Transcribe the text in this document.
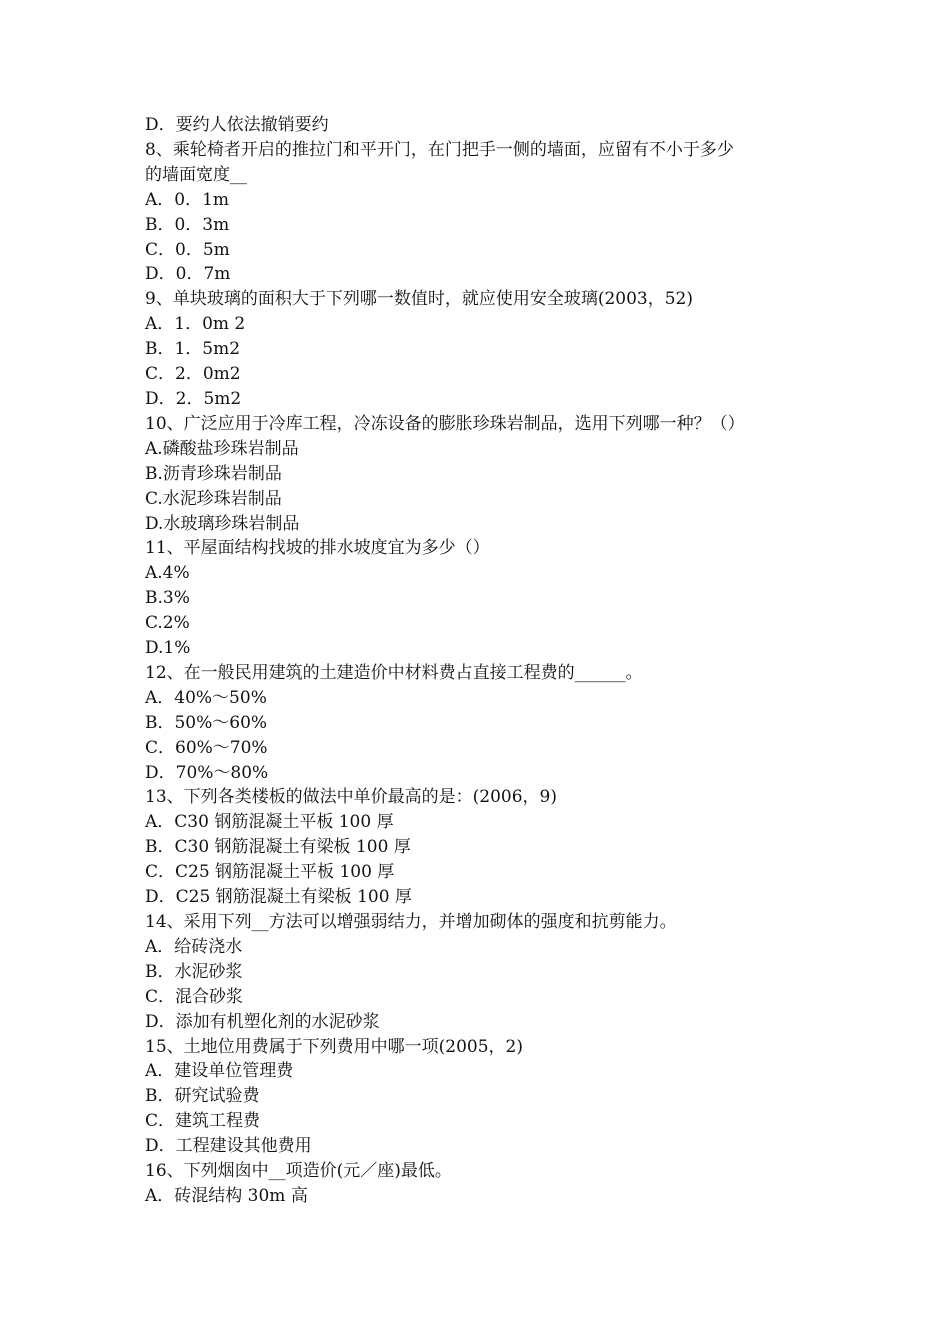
D．要约人依法撤销要约

8、乘轮椅者开启的推拉门和平开门，在门把手一侧的墙面，应留有不小于多少

的墙面宽度__

A．0．1m

B．0．3m

C．0．5m

D．0．7m

9、单块玻璃的面积大于下列哪一数值时，就应使用安全玻璃(2003，52)

A．1．0m 2

B．1．5m2

C．2．0m2

D．2．5m2

10、广泛应用于冷库工程，冷冻设备的膨胀珍珠岩制品，选用下列哪一种？（）

A.磷酸盐珍珠岩制品

B.沥青珍珠岩制品

C.水泥珍珠岩制品

D.水玻璃珍珠岩制品

11、平屋面结构找坡的排水坡度宜为多少（）

A.4%

B.3%

C.2%

D.1%

12、在一般民用建筑的土建造价中材料费占直接工程费的______。

A．40%～50%

B．50%～60%

C．60%～70%

D．70%～80%

13、下列各类楼板的做法中单价最高的是：(2006，9)

A．C30 钢筋混凝土平板 100 厚

B．C30 钢筋混凝土有梁板 100 厚

C．C25 钢筋混凝土平板 100 厚

D．C25 钢筋混凝土有梁板 100 厚

14、采用下列__方法可以增强弱结力，并增加砌体的强度和抗剪能力。

A．给砖浇水

B．水泥砂浆

C．混合砂浆

D．添加有机塑化剂的水泥砂浆

15、土地位用费属于下列费用中哪一项(2005，2)

A．建设单位管理费

B．研究试验费

C．建筑工程费

D．工程建设其他费用

16、下列烟囱中__项造价(元／座)最低。

A．砖混结构 30m 高
